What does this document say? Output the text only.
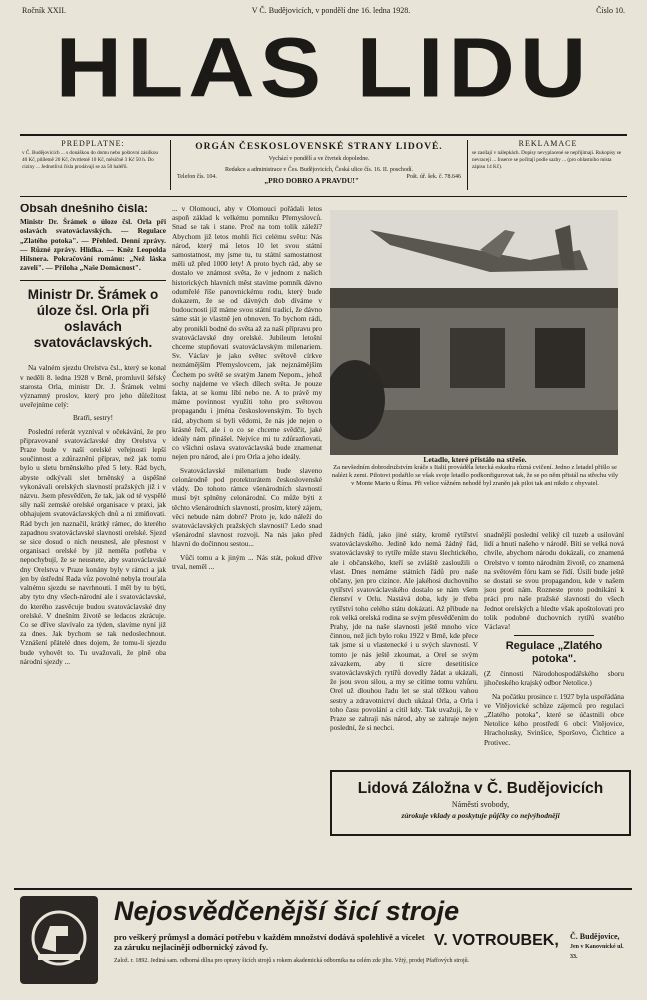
Ročník XXII.	V Č. Budějovicích, v pondělí dne 16. ledna 1928.	Číslo 10.
HLAS LIDU
PŘEDPLATNÉ:
v Č. Budějovicích ... s donáškou do domu nebo poštovní zásilkou 40 Kč, půlletně 20 Kč, čtvrtletně 10 Kč, měsíčně 3 Kč 50 h. Do ciziny ... Jednotlivá čísla prodávají se za 50 haléřů.
ORGÁN ČESKOSLOVENSKÉ STRANY LIDOVÉ.
Vychází v pondělí a ve čtvrtek dopoledne.
Redakce a administrace v Čes. Budějovicích, Česká ulice čís. 16. II. poschodí.
Telefon čís. 104.	„PRO DOBRO A PRAVDU!"	Pošt. úř. šek. č. 78.646
REKLAMACE
se zasílají v nálepkách. Dopisy nevyplacené se nepřijímají. Rukopisy se nevracejí ... Inserce se počítají podle sazby ... (pro oblastního místa zápisu 14 Kč).
Obsah dnešního čísla:

Ministr Dr. Šrámek o úloze čsl. Orla při oslavách svatováclavských. — Regulace „Zlatého potoka". — Přehled. Denní zprávy. — Různé zprávy. Hlídka. — Kněz Leopolda Hilsnera. Pokračování románu: „Než láska zavelí". — Příloha „Naše Domácnost".

Ministr Dr. Šrámek o úloze čsl. Orla při oslavách svatováclavských.

Na valném sjezdu Orelstva čsl., který se konal v neděli 8. ledna 1928 v Brně, promluvil šéfský starosta Orla, ministr Dr. J. Šrámek velmi významný proslov, který pro jeho důležitost uveřejníme celý:

Bratři, sestry!

Poslední referát vyzníval v očekávání, že pro připravované svatováclavské dny Orelstva v Praze bude v naší orelské veřejnosti lepší součinnost a zdůraznění příprav, než jak tomu bylo u sletu brněnského před 5 lety. Rád bych, abyste odkývali slet brněnský a úspěšné vykonávali orelských slavností pražských již i v názvu. Jsem přesvědčen, že tak, jak od té vyspělé síly naší zemské orelské organisace v praxi, jak obhajujem svatováclavských dnů a ni zmiňovati. Rád bych jen naznačil, krátký rámec, do kterého zapadnou svatováclavské slavnosti orelské. Sjezd se sice dosud o nich neusnesl, ale přesnost v organisaci orelské by již neměla potřeba v nepochybují, že se neusnete, aby svatováclavské dny Orelstva v Praze konány byly v rámci a jak jen by ústřední Rada vůz povolné nebyla trouťala valnému sjezdu se navrhnouti. I měl by tu býti, aby tyto dny všech-národní ale i svatováclavské, do kterého zasvěcuje budou svatováclavské dny orelské. V dnešním životě se ledacos zkrácuje. Co se dříve slavívalo za týden, slavíme nyní již za dnes. Jak bychom se tak nedoslechnout. Vznášení přátelé dnes dojem, že tomu-li sjezdu bude vyhovět to. Tu uvažovali, že plně oba národní sjezdy ...

... v Olomouci, aby v Olomouci pořádali letos aspoň základ k velkému pomníku Přemyslovců. Snad se tak i stane. Proč na tom tolik záleží? Abychom již letos mohli říci celému světu: Nás národ, který má letos 10 let svou státní samostatnost, my jsme tu, tu státní samostatnost měli už před 1000 lety! A proto bych rád, aby se dostalo ve známost světa, že v jednom z našich historických hlavních měst stavíme pomník dávno odumřelé říše panovnickému rodu, který bude dokazem, že se od dávných dob díváme v budoucnosti již máme svou státní tradici, že dávno sáme stát je vlastně jen obnoven. To bychom rádi, aby pronikli bodné do světa až za naší přípravu pro svatováclavské dny orelské. Jubileum letošní chceme stupňovati svatováclavským milenariem. Sv. Václav je jako světec světově církve neznámějším Přemyslovcem, jak nejznámějším Čechem po světě se svatým Janem Nepom., jehož sochy najdeme ve všech dílech světa. Je pouze fakta, at se komu líbí nebo ne. A to právě my máme povinnost využíti toho pro světovou propagandu i jména československým. To bych rád, abychom si byli vědomi, že nás jde nejen o krásné řečí, ale i o co se chceme svědčit, jaké ideály nám přinášel. Nejvíce mi tu zdůrazňovati, co všichni oslava svatováclavská bude znamenat nejen pro národ, ale i pro Orla a jeho ideály.

Svatováclavské milenarium bude slaveno celonárodně pod protektorátem československé vlády. Do tohoto rámce všenárodních slavností musí být splněny celonárodní. Co může býti z těchto všenárodních slavností, prosím, který zájem, věci nebude nám dobré? Proto je, kdo náleží do svatováclavských pražských slavností? Ledo snad všenárodní slavnost rozvoji. Na nás jako před hlavní do dočinnou sestou...

Vůči tomu a k jiným ... Nás stát, pokud dříve trval, neměl ...

Letadlo, které přistálo na střeše.
Za nevšedním dobrodružstvím kráče s Italií prováděla letecká eskadra různá cvičení. Jedno z letadel přišlo se nalézt k zemi. Pilotovi podařilo se však svoje letadlo podkonfigurovat tak, že se po něm přistál na střechu vily v Monte Mario u Říma. Při velice vážném nehodě byl zraněn jak pilot tak ani nikdo z obyvatel.

žádných řádů, jako jiné státy, kromě rytířství svatováclavského. Jedině kdo nemá žádný řád, svatováclavský to rytíře může stavu šlechtického, ale i občanského, kteří se zvláště zasloužili o vlast. Dnes nemáme státních řádů pro naše občany, jen pro cizince. Ale jakéhosi duchovního rytířství svatováclavského dostalo se nám všem členství v Orlu. Nastává doba, kdy je třeba rytířství toho celého státu dokázati. Až přibude na rok velká orelská rodina se svým přesvědčením do Prahy, jde na naše slavnosti ještě mnoho více činnou, než jich bylo roku 1922 v Brně, kde přece tak jsme si u vlastenecké i u svých slavností. V tomto je nás ještě zkoumat, a Orel se svým závazkem, aby ti sícre desetitisíce svatováclavských rytířů dovedly žádat a ukázali, že jsou svou silou, a my se cítíme tomu vzhůru. Orel už dlouhou řadu let se stal těžkou vahou sestry a zdravotnictví duch ukázal Orla, a Orla i toho času povolání a cítil kdy. Tak uvažuji, že v Praze se zahraji nás národ, aby se zahraje nejen poslední, že si nechci.

snadnější poslední veliký cíl tuzeb a usilování lidí a hnutí našeho v národě. Bíti se velká nová chvíle, abychom národu dokázali, co znamená Orelstvo v tomto národním životě, co znamená na světovém fóru kam se řídí. Úsilí bude ještě se dostati se svou propagandou, kde v našem jsou proti nám. Rozneste proto podnikání k práci pro naše pražské slavnosti do všech Jednot orelských a hledte však apoštolovati pro tolik podobné duchovních rytířů svatého Václava!

Regulace „Zlatého potoka".

(Z činnosti Národohospodářského sboru jihočeského krajský odbor Netolice.)

Na počátku prosince r. 1927 byla uspořádána ve Vitějovické schůze zájemců pro regulaci „Zlatého potoka", které se účastnili obce Netolice kého prostředí 6 obcí: Vitějovice, Hracholusky, Svinšice, Sporšovo, Čichtice a Protivec.

Lidová Záložna v Č. Budějovicích
Náměstí svobody,
zúrokuje vklady a poskytuje půjčky co nejvýhodněji
Nejosvědčenější šicí stroje
pro veškerý průmysl a domácí potřebu v každém množství dodává spolehlivě a vícelet za záruku nejlaciněji odbornický závod fy.	V. VOTROUBEK, Č. Budějovice,
Jen v Kanovnické ul. 33.
Založ. r. 1892. Jediná sam. odborná dílna pro opravy šicích strojů s rokem akademická odbornika na celém zde jihu. Vžtý, prodej Pfaffových strojů.
